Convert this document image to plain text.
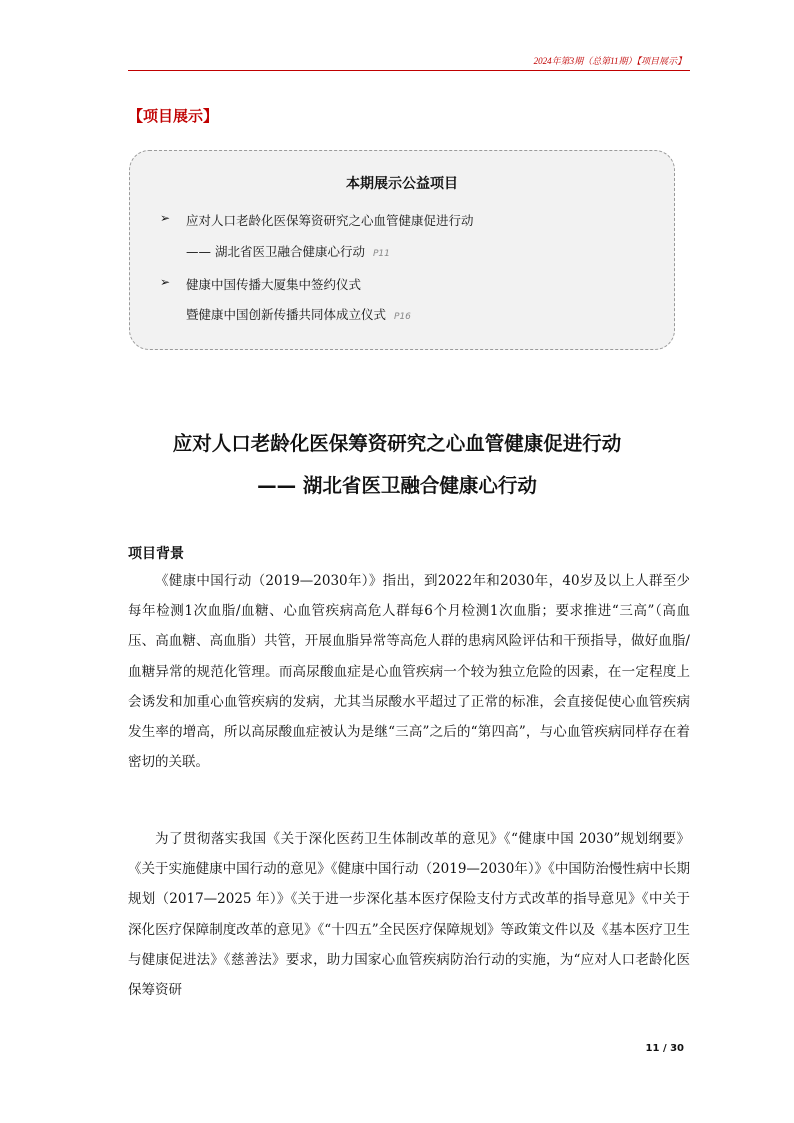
2024年第3期（总第11期）【项目展示】
【项目展示】
本期展示公益项目
➢ 应对人口老龄化医保筹资研究之心血管健康促进行动
—— 湖北省医卫融合健康心行动 P11
➢ 健康中国传播大厦集中签约仪式
暨健康中国创新传播共同体成立仪式 P16
应对人口老龄化医保筹资研究之心血管健康促进行动
—— 湖北省医卫融合健康心行动
项目背景

《健康中国行动（2019—2030年）》指出，到2022年和2030年，40岁及以上人群至少每年检测1次血脂/血糖、心血管疾病高危人群每6个月检测1次血脂；要求推进“三高”（高血压、高血糖、高血脂）共管，开展血脂异常等高危人群的患病风险评估和干预指导，做好血脂/血糖异常的规范化管理。而高尿酸血症是心血管疾病一个较为独立危险的因素，在一定程度上会诱发和加重心血管疾病的发病，尤其当尿酸水平超过了正常的标准，会直接促使心血管疾病发生率的增高，所以高尿酸血症被认为是继“三高”之后的“第四高”，与心血管疾病同样存在着密切的关联。

为了贯彻落实我国《关于深化医药卫生体制改革的意见》《“健康中国 2030”规划纲要》《关于实施健康中国行动的意见》《健康中国行动（2019—2030年）》《中国防治慢性病中长期规划（2017—2025 年）》《关于进一步深化基本医疗保险支付方式改革的指导意见》《中关于深化医疗保障制度改革的意见》《“十四五”全民医疗保障规划》等政策文件以及《基本医疗卫生与健康促进法》《慈善法》要求，助力国家心血管疾病防治行动的实施，为“应对人口老龄化医保筹资研

11 / 30
